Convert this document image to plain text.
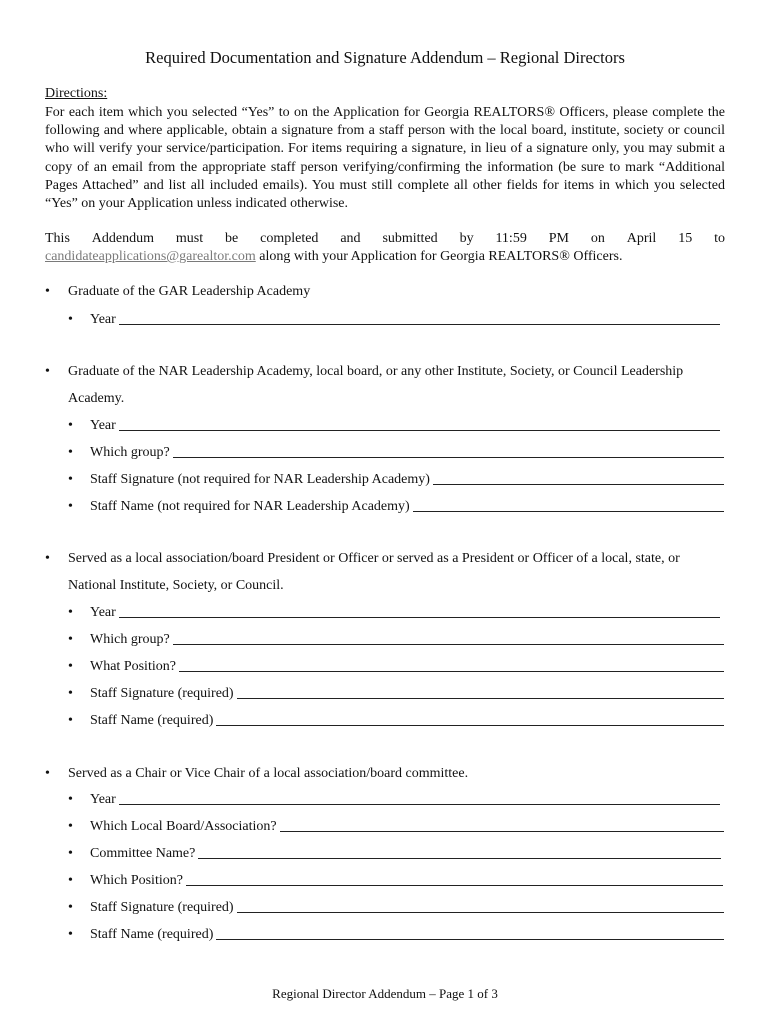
Required Documentation and Signature Addendum – Regional Directors
Directions:

For each item which you selected “Yes” to on the Application for Georgia REALTORS® Officers, please complete the following and where applicable, obtain a signature from a staff person with the local board, institute, society or council who will verify your service/participation. For items requiring a signature, in lieu of a signature only, you may submit a copy of an email from the appropriate staff person verifying/confirming the information (be sure to mark “Additional Pages Attached” and list all included emails). You must still complete all other fields for items in which you selected “Yes” on your Application unless indicated otherwise.

This Addendum must be completed and submitted by 11:59 PM on April 15 to
candidateapplications@garealtor.com along with your Application for Georgia REALTORS® Officers.
•	Graduate of the GAR Leadership Academy
•	Year
•	Graduate of the NAR Leadership Academy, local board, or any other Institute, Society, or Council Leadership Academy.
•	Year
•	Which group?
•	Staff Signature (not required for NAR Leadership Academy)
•	Staff Name (not required for NAR Leadership Academy)
•	Served as a local association/board President or Officer or served as a President or Officer of a local, state, or National Institute, Society, or Council.
•	Year
•	Which group?
•	What Position?
•	Staff Signature (required)
•	Staff Name (required)
•	Served as a Chair or Vice Chair of a local association/board committee.
•	Year
•	Which Local Board/Association?
•	Committee Name?
•	Which Position?
•	Staff Signature (required)
•	Staff Name (required)
Regional Director Addendum – Page 1 of 3
